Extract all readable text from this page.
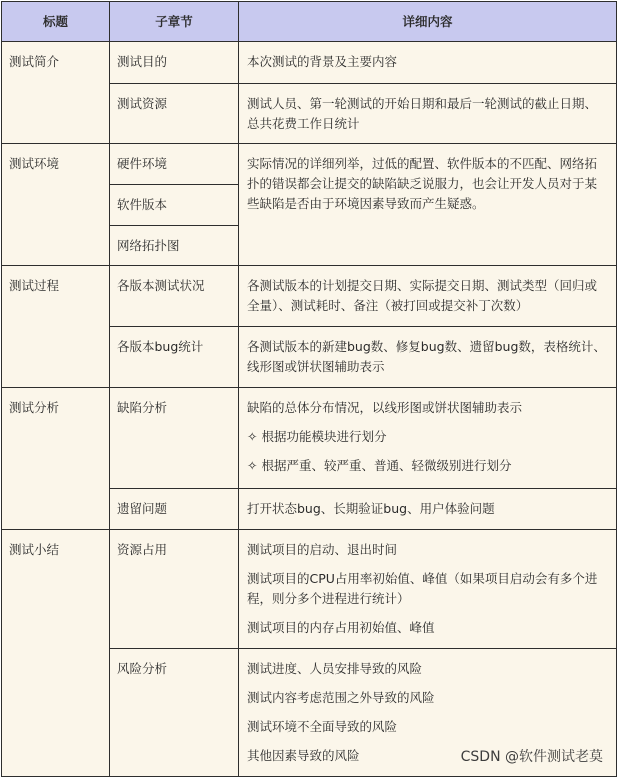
标题	子章节	详细内容

测试简介	测试目的	本次测试的背景及主要内容

	测试资源	测试人员、第一轮测试的开始日期和最后一轮测试的截止日期、总共花费工作日统计

测试环境	硬件环境	实际情况的详细列举，过低的配置、软件版本的不匹配、网络拓扑的错误都会让提交的缺陷缺乏说服力，也会让开发人员对于某些缺陷是否由于环境因素导致而产生疑惑。

	软件版本	

	网络拓扑图	

测试过程	各版本测试状况	各测试版本的计划提交日期、实际提交日期、测试类型（回归或全量）、测试耗时、备注（被打回或提交补丁次数）

	各版本bug统计	各测试版本的新建bug数、修复bug数、遗留bug数，表格统计、线形图或饼状图辅助表示

测试分析	缺陷分析	缺陷的总体分布情况，以线形图或饼状图辅助表示
✧ 根据功能模块进行划分
✧ 根据严重、较严重、普通、轻微级别进行划分

	遗留问题	打开状态bug、长期验证bug、用户体验问题

测试小结	资源占用	测试项目的启动、退出时间
测试项目的CPU占用率初始值、峰值（如果项目启动会有多个进程，则分多个进程进行统计）
测试项目的内存占用初始值、峰值

	风险分析	测试进度、人员安排导致的风险
测试内容考虑范围之外导致的风险
测试环境不全面导致的风险
其他因素导致的风险	CSDN @软件测试老莫
